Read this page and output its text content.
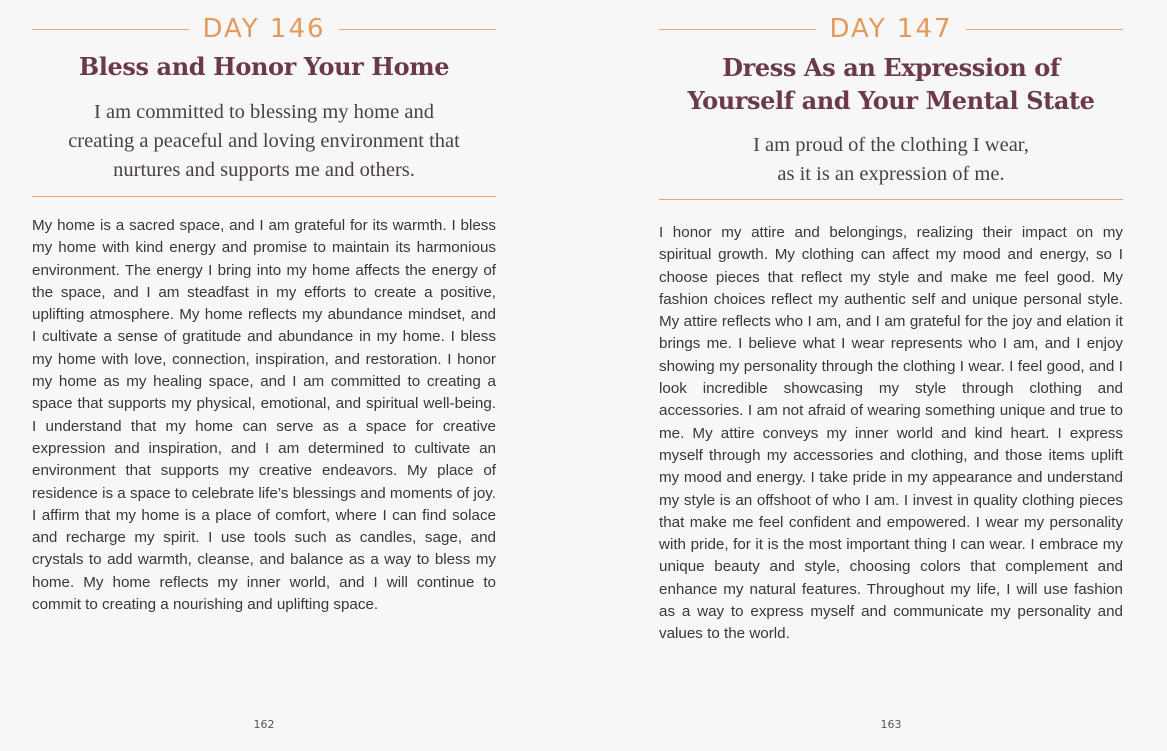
DAY 146
Bless and Honor Your Home
I am committed to blessing my home and
creating a peaceful and loving environment that
nurtures and supports me and others.
My home is a sacred space, and I am grateful for its warmth. I bless my home with kind energy and promise to maintain its harmonious environment. The energy I bring into my home affects the energy of the space, and I am steadfast in my efforts to create a positive, uplifting atmosphere. My home reflects my abundance mindset, and I cultivate a sense of gratitude and abundance in my home. I bless my home with love, connection, inspiration, and restoration. I honor my home as my healing space, and I am committed to creating a space that supports my physical, emotional, and spiritual well-being. I understand that my home can serve as a space for creative expression and inspiration, and I am determined to cultivate an environment that supports my creative endeavors. My place of residence is a space to celebrate life’s blessings and moments of joy. I affirm that my home is a place of comfort, where I can find solace and recharge my spirit. I use tools such as candles, sage, and crystals to add warmth, cleanse, and balance as a way to bless my home. My home reflects my inner world, and I will continue to commit to creating a nourishing and uplifting space.
162
DAY 147
Dress As an Expression of
Yourself and Your Mental State
I am proud of the clothing I wear,
as it is an expression of me.
I honor my attire and belongings, realizing their impact on my spiritual growth. My clothing can affect my mood and energy, so I choose pieces that reflect my style and make me feel good. My fashion choices reflect my authentic self and unique personal style. My attire reflects who I am, and I am grateful for the joy and elation it brings me. I believe what I wear represents who I am, and I enjoy showing my personality through the clothing I wear. I feel good, and I look incredible showcasing my style through clothing and accessories. I am not afraid of wearing something unique and true to me. My attire conveys my inner world and kind heart. I express myself through my accessories and clothing, and those items uplift my mood and energy. I take pride in my appearance and understand my style is an offshoot of who I am. I invest in quality clothing pieces that make me feel confident and empowered. I wear my personality with pride, for it is the most important thing I can wear. I embrace my unique beauty and style, choosing colors that complement and enhance my natural features. Throughout my life, I will use fashion as a way to express myself and communicate my personality and values to the world.
163
